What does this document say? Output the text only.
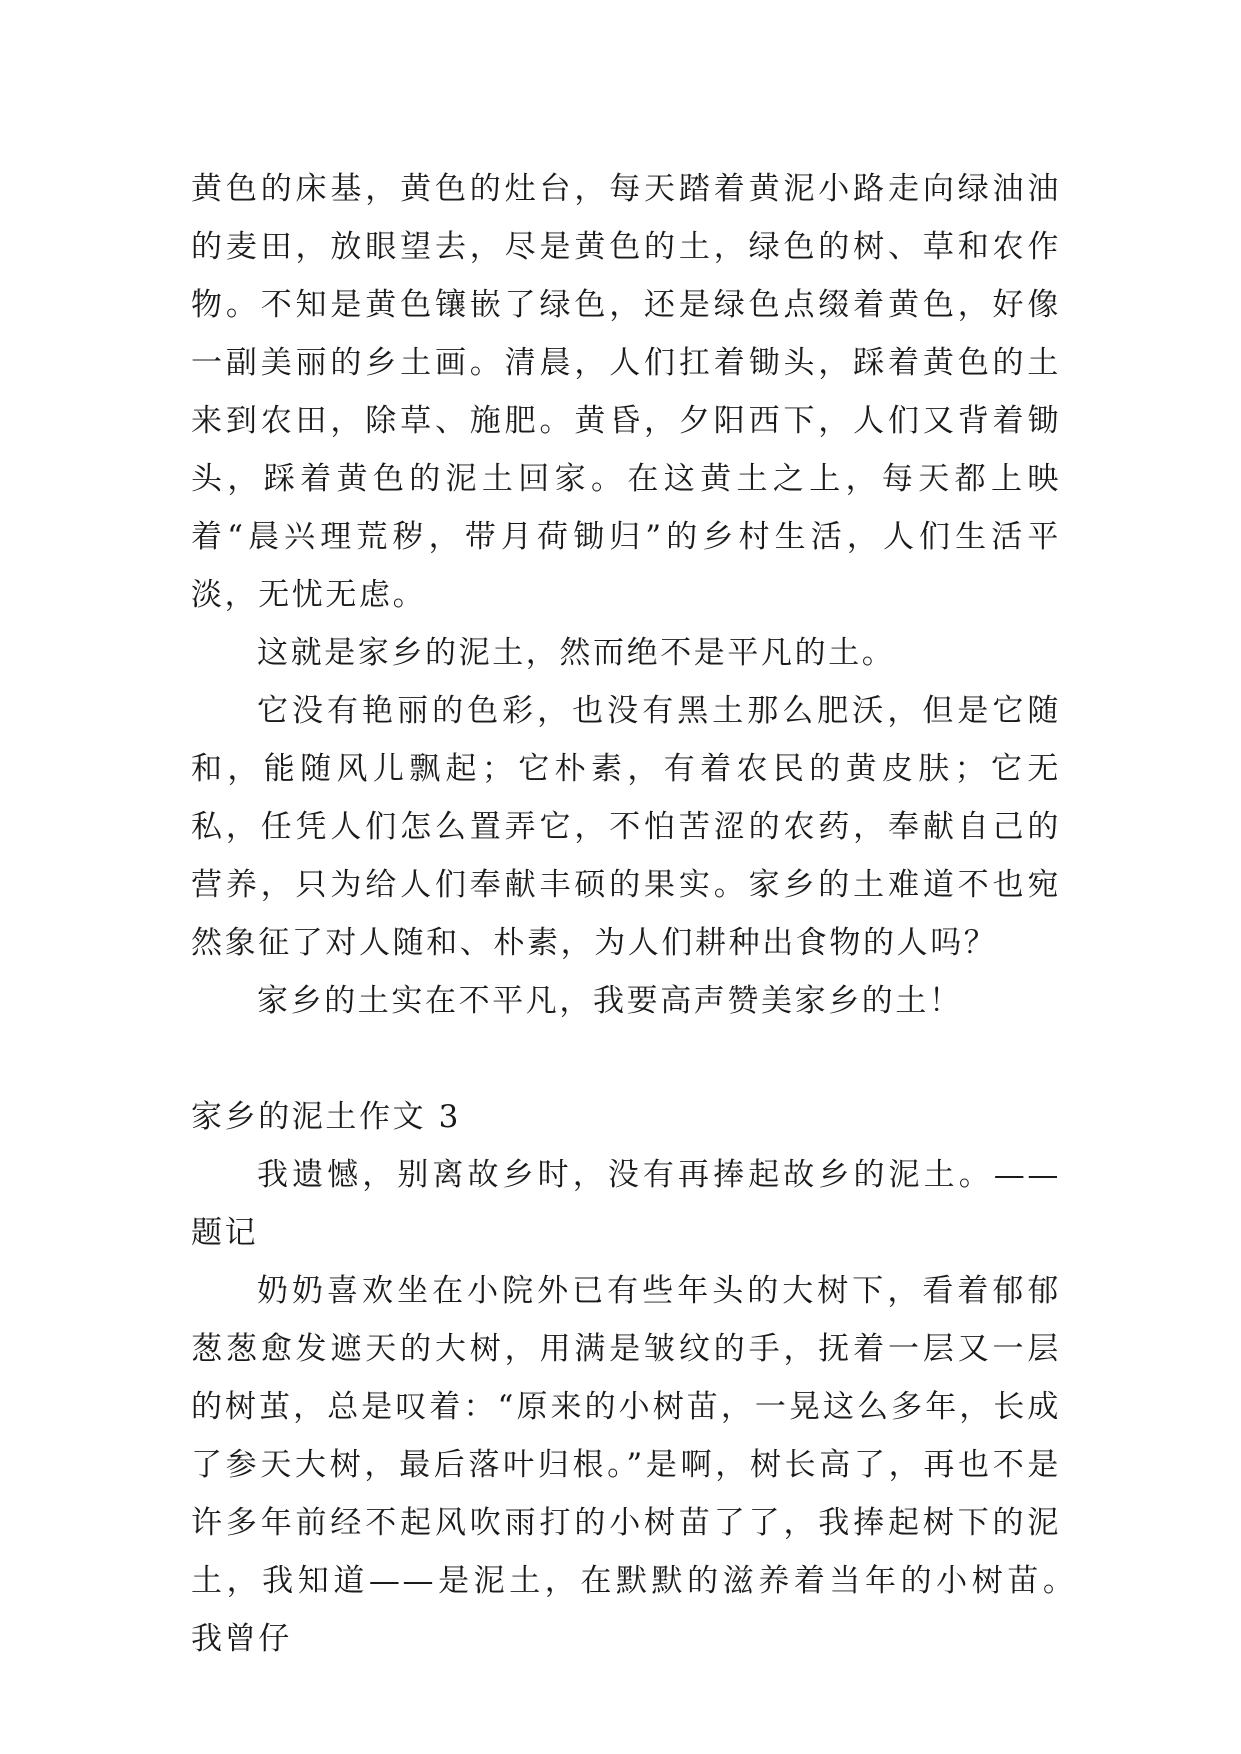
黄色的床基，黄色的灶台，每天踏着黄泥小路走向绿油油的麦田，放眼望去，尽是黄色的土，绿色的树、草和农作物。不知是黄色镶嵌了绿色，还是绿色点缀着黄色，好像一副美丽的乡土画。清晨，人们扛着锄头，踩着黄色的土来到农田，除草、施肥。黄昏，夕阳西下，人们又背着锄头，踩着黄色的泥土回家。在这黄土之上，每天都上映着“晨兴理荒秽，带月荷锄归”的乡村生活，人们生活平淡，无忧无虑。

这就是家乡的泥土，然而绝不是平凡的土。

它没有艳丽的色彩，也没有黑土那么肥沃，但是它随和，能随风儿飘起；它朴素，有着农民的黄皮肤；它无私，任凭人们怎么置弄它，不怕苦涩的农药，奉献自己的营养，只为给人们奉献丰硕的果实。家乡的土难道不也宛然象征了对人随和、朴素，为人们耕种出食物的人吗？

家乡的土实在不平凡，我要高声赞美家乡的土！

家乡的泥土作文 3

我遗憾，别离故乡时，没有再捧起故乡的泥土。——题记

奶奶喜欢坐在小院外已有些年头的大树下，看着郁郁葱葱愈发遮天的大树，用满是皱纹的手，抚着一层又一层的树茧，总是叹着：“原来的小树苗，一晃这么多年，长成了参天大树，最后落叶归根。”是啊，树长高了，再也不是许多年前经不起风吹雨打的小树苗了了，我捧起树下的泥土，我知道——是泥土，在默默的滋养着当年的小树苗。　我曾仔
